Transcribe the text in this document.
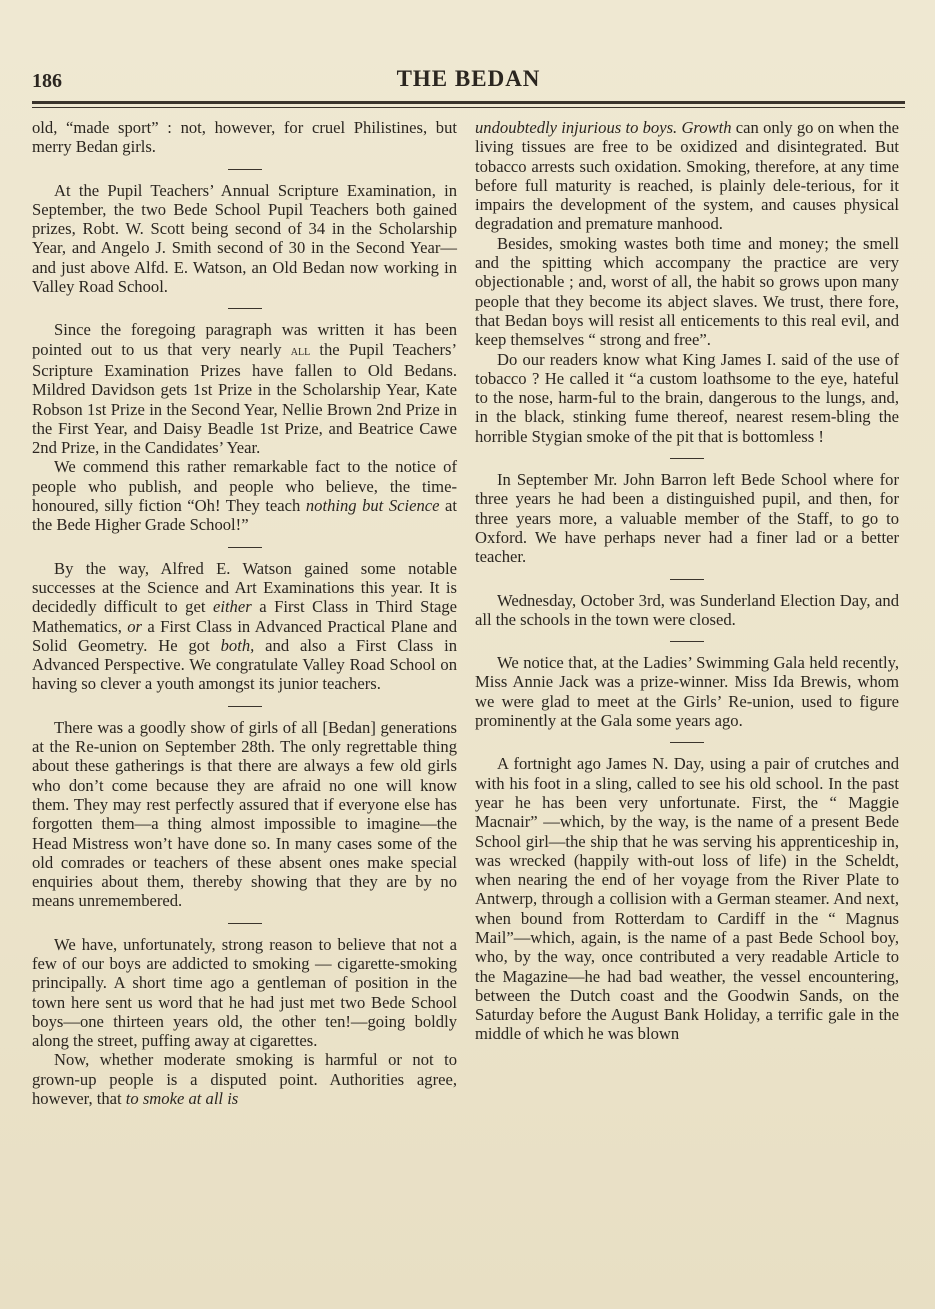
186	THE BEDAN

old, “made sport” : not, however, for cruel Philistines, but merry Bedan girls.

At the Pupil Teachers’ Annual Scripture Examination, in September, the two Bede School Pupil Teachers both gained prizes, Robt. W. Scott being second of 34 in the Scholarship Year, and Angelo J. Smith second of 30 in the Second Year—and just above Alfd. E. Watson, an Old Bedan now working in Valley Road School.

Since the foregoing paragraph was written it has been pointed out to us that very nearly all the Pupil Teachers’ Scripture Examination Prizes have fallen to Old Bedans. Mildred Davidson gets 1st Prize in the Scholarship Year, Kate Robson 1st Prize in the Second Year, Nellie Brown 2nd Prize in the First Year, and Daisy Beadle 1st Prize, and Beatrice Cawe 2nd Prize, in the Candidates’ Year.

We commend this rather remarkable fact to the notice of people who publish, and people who believe, the time-honoured, silly fiction “Oh! They teach nothing but Science at the Bede Higher Grade School!”

By the way, Alfred E. Watson gained some notable successes at the Science and Art Examinations this year. It is decidedly difficult to get either a First Class in Third Stage Mathematics, or a First Class in Advanced Practical Plane and Solid Geometry. He got both, and also a First Class in Advanced Perspective. We congratulate Valley Road School on having so clever a youth amongst its junior teachers.

There was a goodly show of girls of all [Bedan] generations at the Re-union on September 28th. The only regrettable thing about these gatherings is that there are always a few old girls who don’t come because they are afraid no one will know them. They may rest perfectly assured that if everyone else has forgotten them—a thing almost impossible to imagine—the Head Mistress won’t have done so. In many cases some of the old comrades or teachers of these absent ones make special enquiries about them, thereby showing that they are by no means unremembered.

We have, unfortunately, strong reason to believe that not a few of our boys are addicted to smoking — cigarette-smoking principally. A short time ago a gentleman of position in the town here sent us word that he had just met two Bede School boys—one thirteen years old, the other ten!—going boldly along the street, puffing away at cigarettes.

Now, whether moderate smoking is harmful or not to grown-up people is a disputed point. Authorities agree, however, that to smoke at all is

undoubtedly injurious to boys. Growth can only go on when the living tissues are free to be oxidized and disintegrated. But tobacco arrests such oxidation. Smoking, therefore, at any time before full maturity is reached, is plainly dele-terious, for it impairs the development of the system, and causes physical degradation and premature manhood.

Besides, smoking wastes both time and money; the smell and the spitting which accompany the practice are very objectionable ; and, worst of all, the habit so grows upon many people that they become its abject slaves. We trust, there fore, that Bedan boys will resist all enticements to this real evil, and keep themselves “ strong and free”.

Do our readers know what King James I. said of the use of tobacco ? He called it “a custom loathsome to the eye, hateful to the nose, harm-ful to the brain, dangerous to the lungs, and, in the black, stinking fume thereof, nearest resem-bling the horrible Stygian smoke of the pit that is bottomless !

In September Mr. John Barron left Bede School where for three years he had been a distinguished pupil, and then, for three years more, a valuable member of the Staff, to go to Oxford. We have perhaps never had a finer lad or a better teacher.

Wednesday, October 3rd, was Sunderland Election Day, and all the schools in the town were closed.

We notice that, at the Ladies’ Swimming Gala held recently, Miss Annie Jack was a prize-winner. Miss Ida Brewis, whom we were glad to meet at the Girls’ Re-union, used to figure prominently at the Gala some years ago.

A fortnight ago James N. Day, using a pair of crutches and with his foot in a sling, called to see his old school. In the past year he has been very unfortunate. First, the “ Maggie Macnair” —which, by the way, is the name of a present Bede School girl—the ship that he was serving his apprenticeship in, was wrecked (happily with-out loss of life) in the Scheldt, when nearing the end of her voyage from the River Plate to Antwerp, through a collision with a German steamer. And next, when bound from Rotterdam to Cardiff in the “ Magnus Mail”—which, again, is the name of a past Bede School boy, who, by the way, once contributed a very readable Article to the Magazine—he had bad weather, the vessel encountering, between the Dutch coast and the Goodwin Sands, on the Saturday before the August Bank Holiday, a terrific gale in the middle of which he was blown
